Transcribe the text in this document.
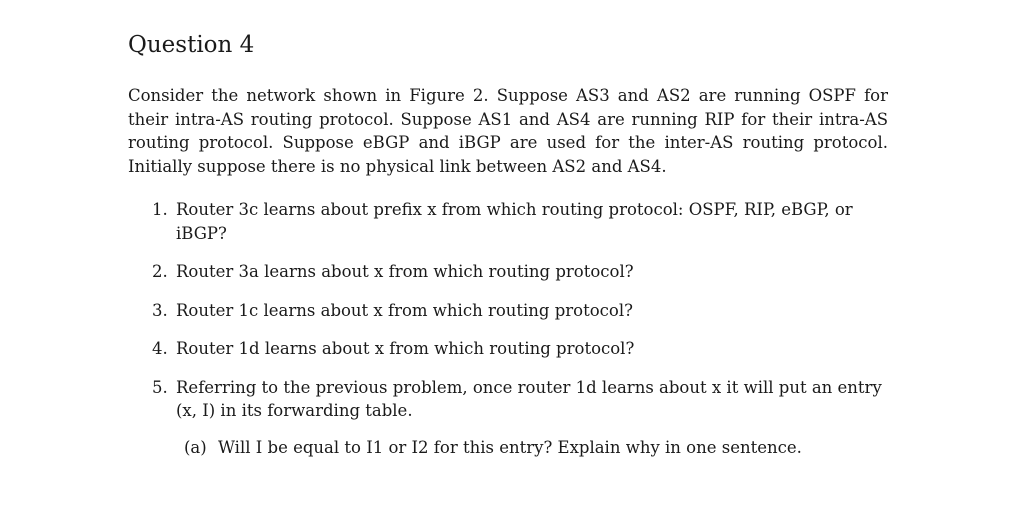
Question 4

Consider the network shown in Figure 2. Suppose AS3 and AS2 are running OSPF for their intra-AS routing protocol. Suppose AS1 and AS4 are running RIP for their intra-AS routing protocol. Suppose eBGP and iBGP are used for the inter-AS routing protocol. Initially suppose there is no physical link between AS2 and AS4.

1. Router 3c learns about prefix x from which routing protocol: OSPF, RIP, eBGP, or iBGP?
2. Router 3a learns about x from which routing protocol?
3. Router 1c learns about x from which routing protocol?
4. Router 1d learns about x from which routing protocol?
5. Referring to the previous problem, once router 1d learns about x it will put an entry (x, I) in its forwarding table.
(a) Will I be equal to I1 or I2 for this entry? Explain why in one sentence.
